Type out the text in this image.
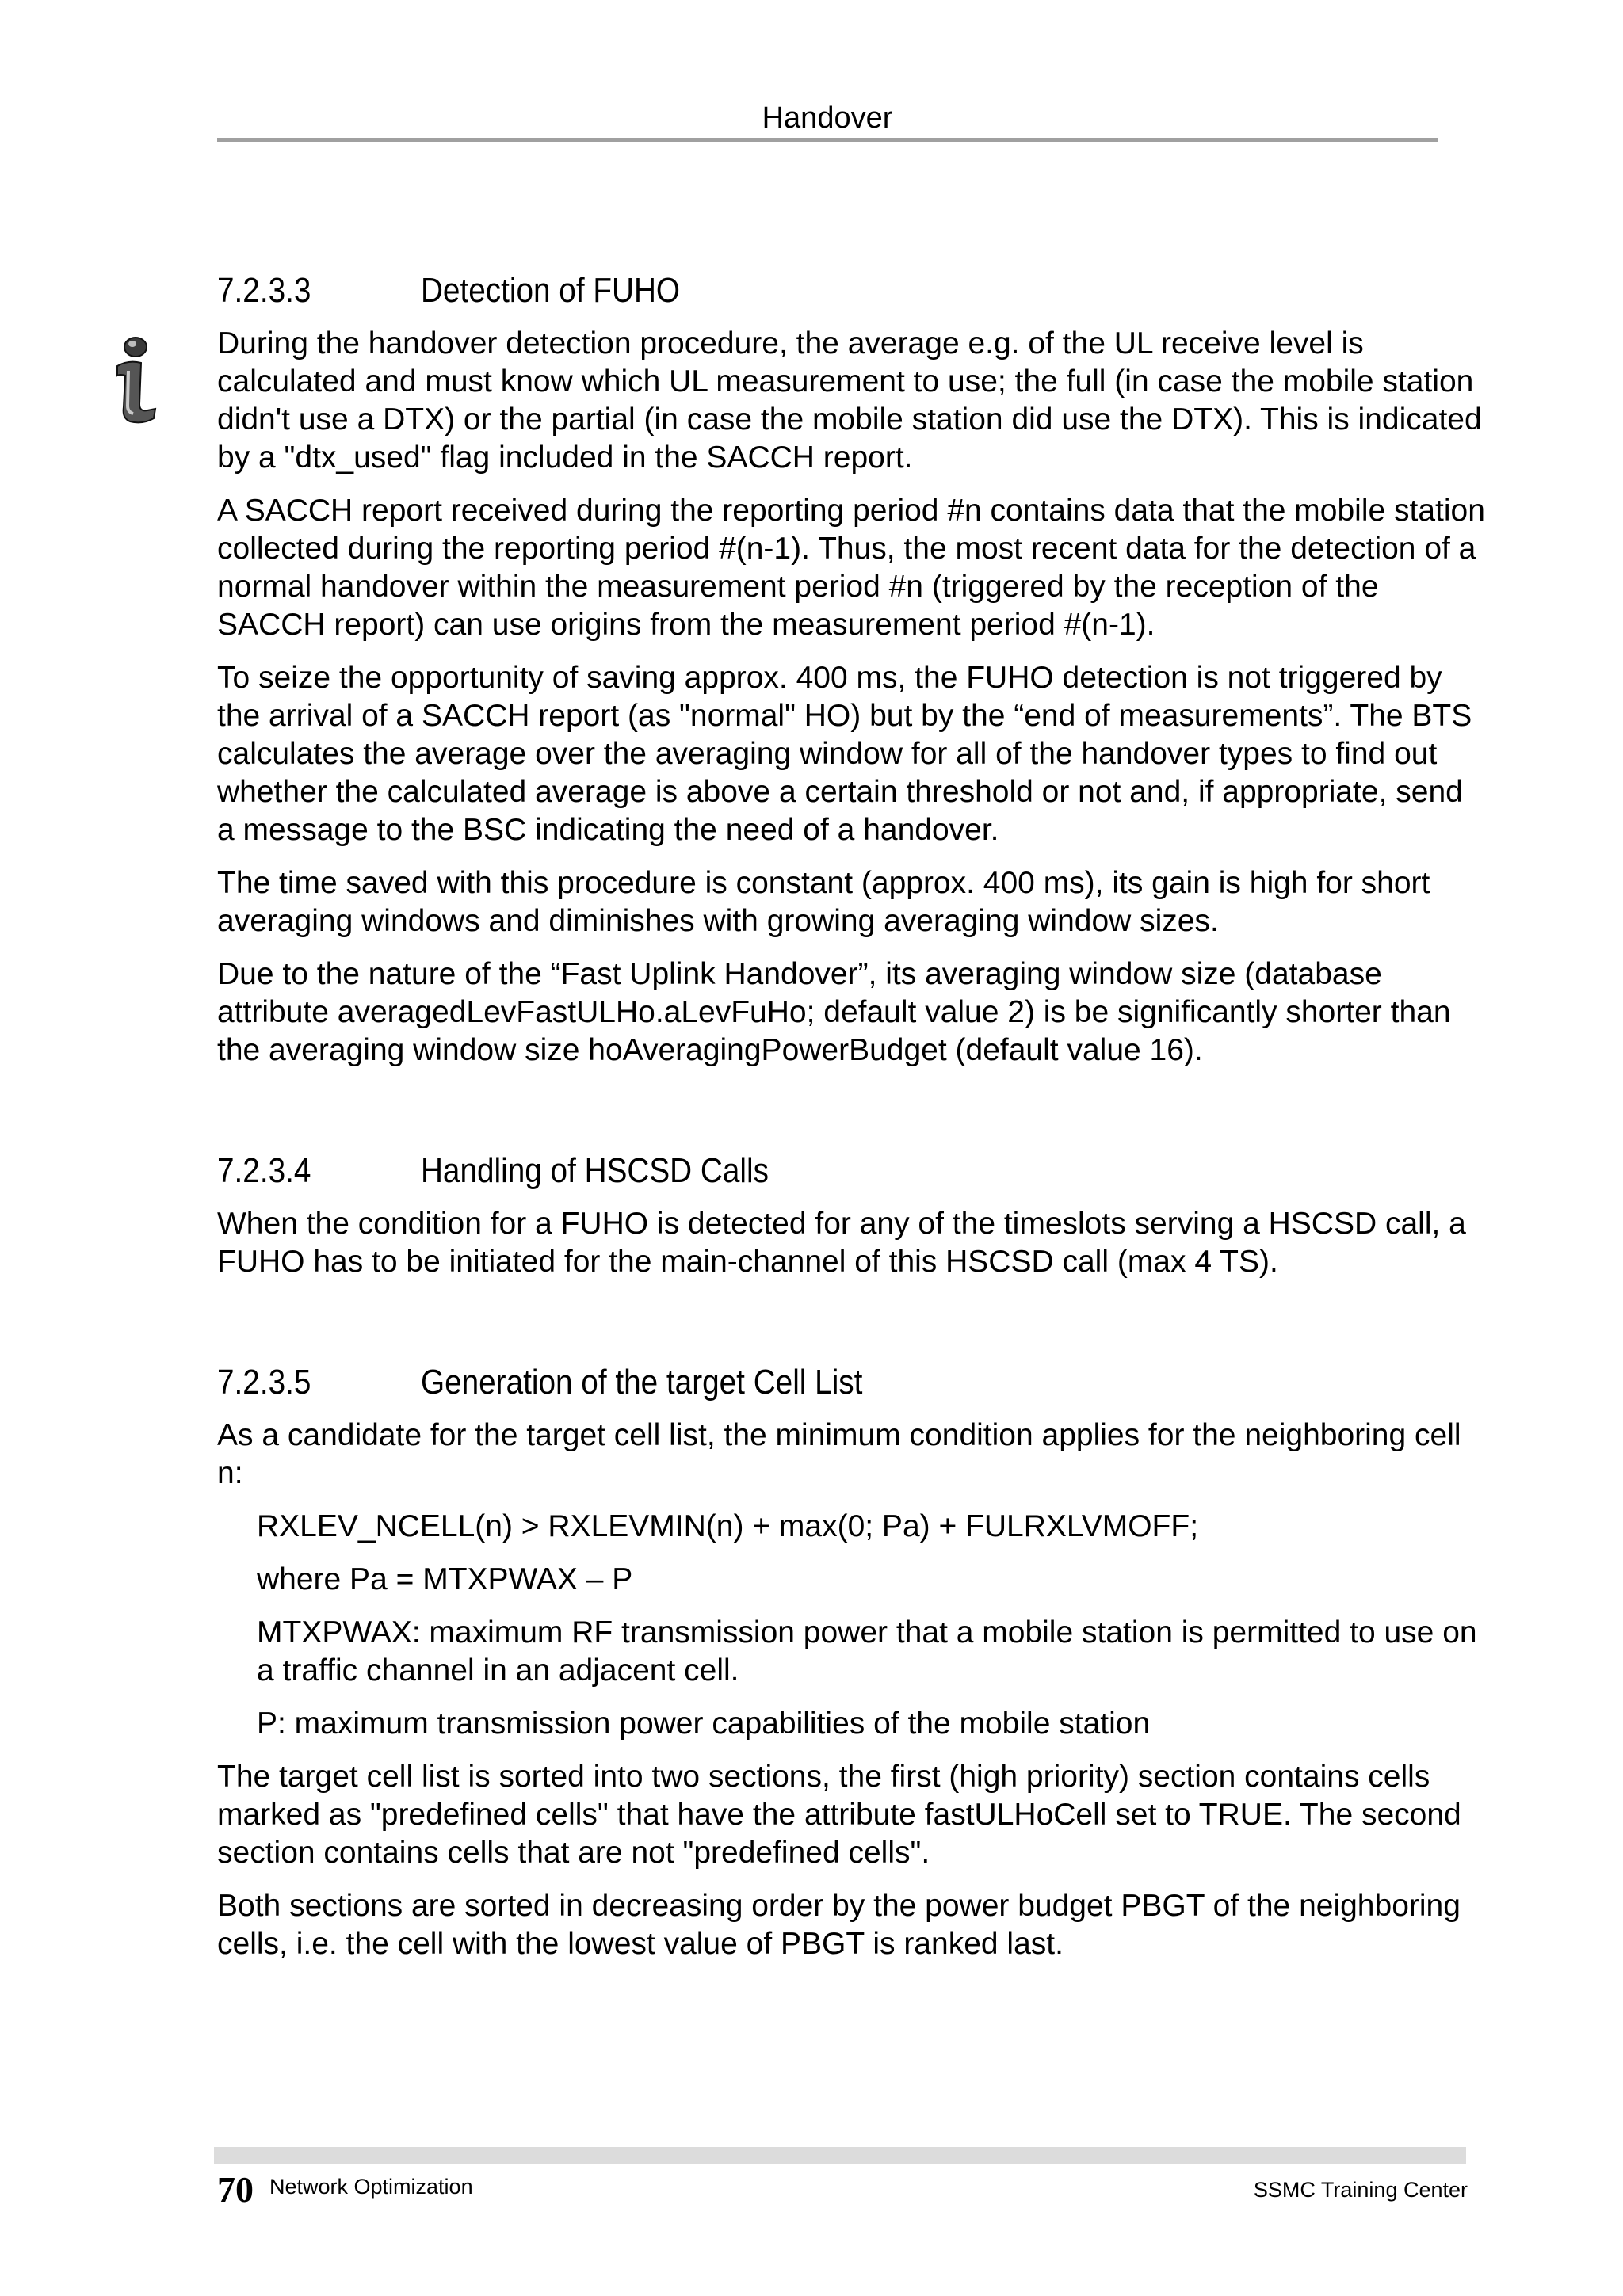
Handover
7.2.3.3	Detection of FUHO

During the handover detection procedure, the average e.g. of the UL receive level is calculated and must know which UL measurement to use; the full (in case the mobile station didn't use a DTX) or the partial (in case the mobile station did use the DTX). This is indicated by a "dtx_used" flag included in the SACCH report.

A SACCH report received during the reporting period #n contains data that the mobile station collected during the reporting period #(n-1). Thus, the most recent data for the detection of a normal handover within the measurement period #n (triggered by the reception of the SACCH report) can use origins from the measurement period #(n-1).

To seize the opportunity of saving approx. 400 ms, the FUHO detection is not triggered by the arrival of a SACCH report (as "normal" HO) but by the “end of measurements”. The BTS calculates the average over the averaging window for all of the handover types to find out whether the calculated average is above a certain threshold or not and, if appropriate, send a message to the BSC indicating the need of a handover.

The time saved with this procedure is constant (approx. 400 ms), its gain is high for short averaging windows and diminishes with growing averaging window sizes.

Due to the nature of the “Fast Uplink Handover”, its averaging window size (database attribute averagedLevFastULHo.aLevFuHo; default value 2) is be significantly shorter than the averaging window size hoAveragingPowerBudget (default value 16).

7.2.3.4	Handling of HSCSD Calls

When the condition for a FUHO is detected for any of the timeslots serving a HSCSD call, a FUHO has to be initiated for the main-channel of this HSCSD call (max 4 TS).

7.2.3.5	Generation of the target Cell List

As a candidate for the target cell list, the minimum condition applies for the neighboring cell n:

RXLEV_NCELL(n) > RXLEVMIN(n) + max(0; Pa) + FULRXLVMOFF;

where Pa = MTXPWAX – P

MTXPWAX: maximum RF transmission power that a mobile station is permitted to use on a traffic channel in an adjacent cell.

P: maximum transmission power capabilities of the mobile station

The target cell list is sorted into two sections, the first (high priority) section contains cells marked as "predefined cells" that have the attribute fastULHoCell set to TRUE. The second section contains cells that are not "predefined cells".

Both sections are sorted in decreasing order by the power budget PBGT of the neighboring cells, i.e. the cell with the lowest value of PBGT is ranked last.

70 Network Optimization	SSMC Training Center
